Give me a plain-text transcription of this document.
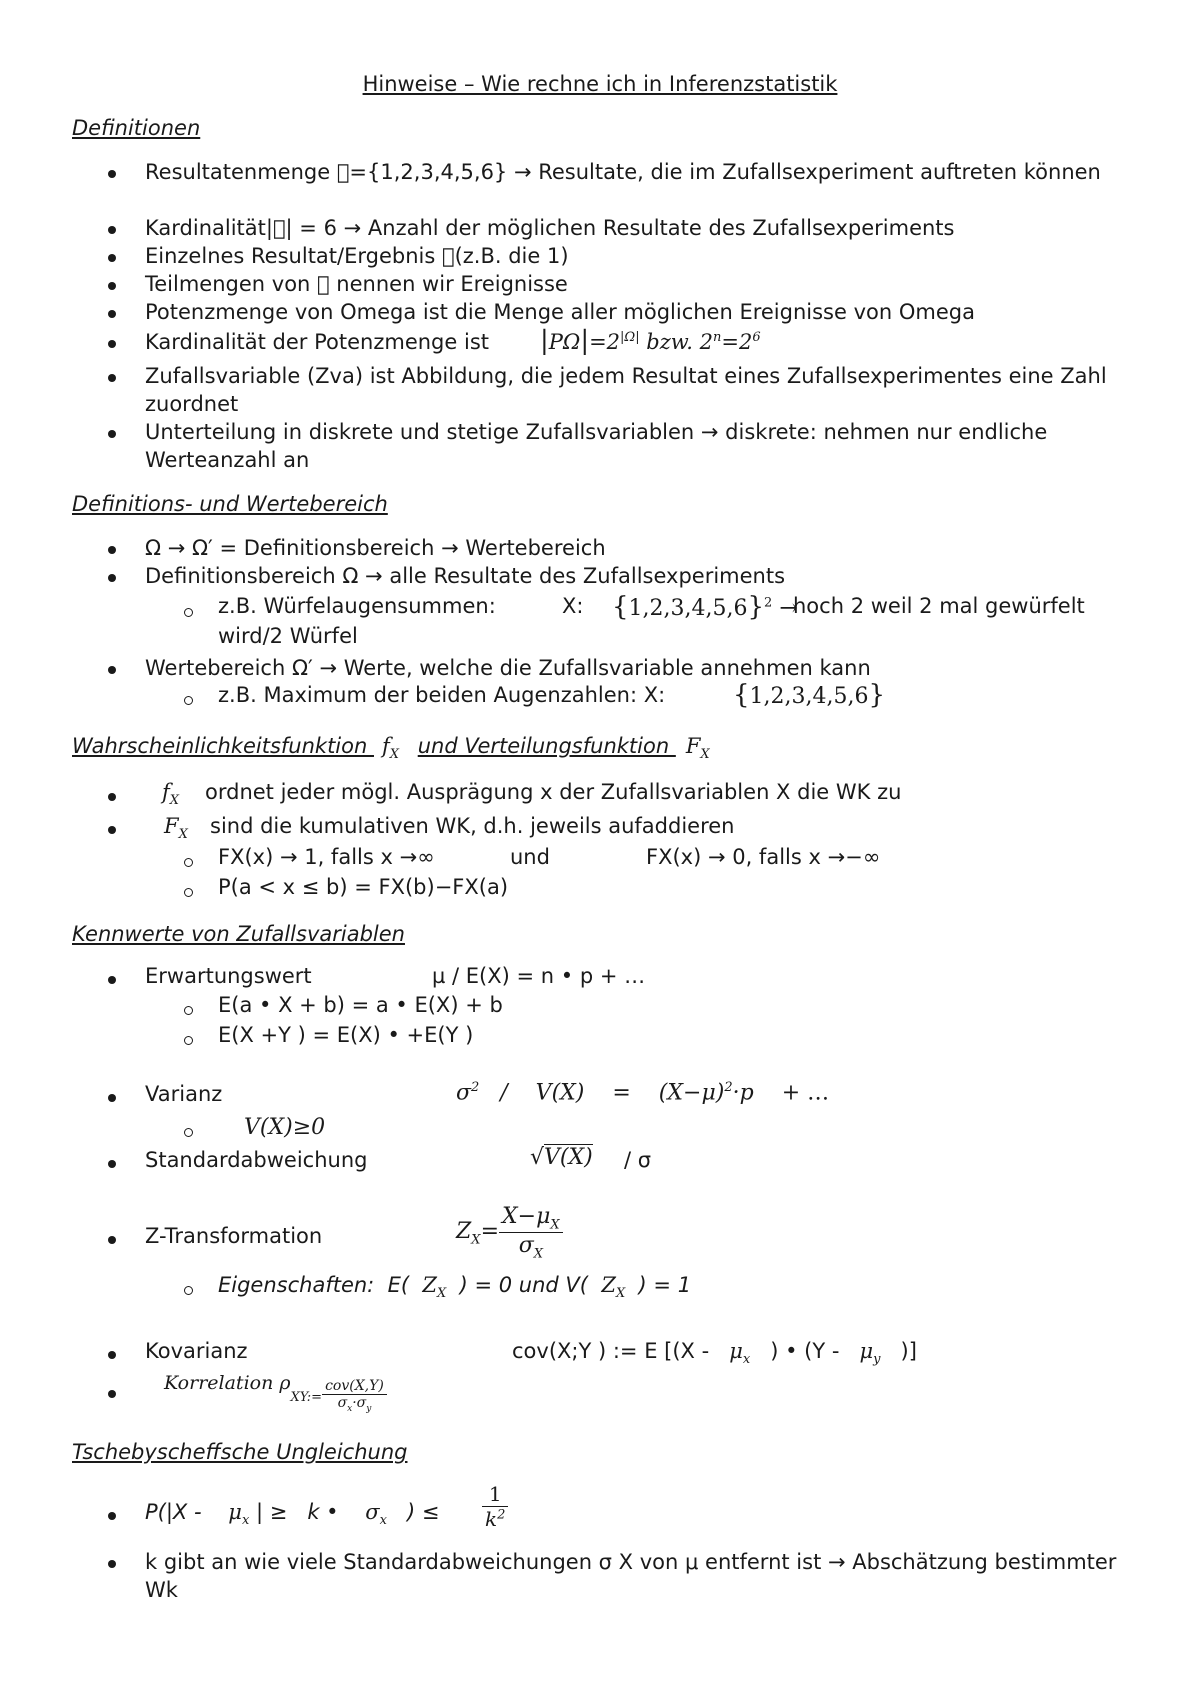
Hinweise – Wie rechne ich in Inferenzstatistik
Definitionen
Resultatenmenge ={1,2,3,4,5,6} → Resultate, die im Zufallsexperiment auftreten können
Kardinalität| | = 6 → Anzahl der möglichen Resultate des Zufallsexperiments
Einzelnes Resultat/Ergebnis (z.B. die 1)
Teilmengen von nennen wir Ereignisse
Potenzmenge von Omega ist die Menge aller möglichen Ereignisse von Omega
Kardinalität der Potenzmenge ist	$|P\Omega|=2^{|\Omega|}$ bzw. $2^n=2^6$
Zufallsvariable (Zva) ist Abbildung, die jedem Resultat eines Zufallsexperimentes eine Zahl zuordnet
Unterteilung in diskrete und stetige Zufallsvariablen → diskrete: nehmen nur endliche Werteanzahl an
Definitions- und Wertebereich
Ω → Ω′ = Definitionsbereich → Wertebereich
Definitionsbereich Ω → alle Resultate des Zufallsexperiments
z.B. Würfelaugensummen:	X: $\{1,2,3,4,5,6\}^2$ →
hoch 2 weil 2 mal gewürfelt
wird/2 Würfel
Wertebereich Ω′ → Werte, welche die Zufallsvariable annehmen kann
z.B. Maximum der beiden Augenzahlen: X:	{1,2,3,4,5,6}
Wahrscheinlichkeitsfunktion $f_X$ und Verteilungsfunktion $F_X$
$f_X$ ordnet jeder mögl. Ausprägung x der Zufallsvariablen X die WK zu
$F_X$ sind die kumulativen WK, d.h. jeweils aufaddieren
FX(x) → 1, falls x →∞	und	FX(x) → 0, falls x →−∞
P(a < x ≤ b) = FX(b)−FX(a)
Kennwerte von Zufallsvariablen
Erwartungswert	µ / E(X) = n • p + …
E(a • X + b) = a • E(X) + b
E(X +Y ) = E(X) • +E(Y )
Varianz	$\sigma^2$   /    V(X)    =    $(X-\mu)^2\cdot p$    + …
V(X)≥0
Standardabweichung	√V(X) / σ
Z-Transformation	$Z_X= \frac{X-\mu_X}{\sigma_X}$
Eigenschaften:  E(  $Z_X$  ) = 0 und V(  $Z_X$  ) = 1
Kovarianz	cov(X;Y ) := E [($X - \mu_x$   ) • ($Y - \mu_y$   )]
Korrelation $\rho_{XY:=} \frac{\text{cov(X,Y)}}{\sigma_x\cdot\sigma_y}$
Tschebyscheffsche Ungleichung
P(|X -    $\mu_x$ | ≥   k •    $\sigma_x$   ) ≤ $\frac{1}{k^2}$
k gibt an wie viele Standardabweichungen σ X von μ entfernt ist → Abschätzung bestimmter Wk
